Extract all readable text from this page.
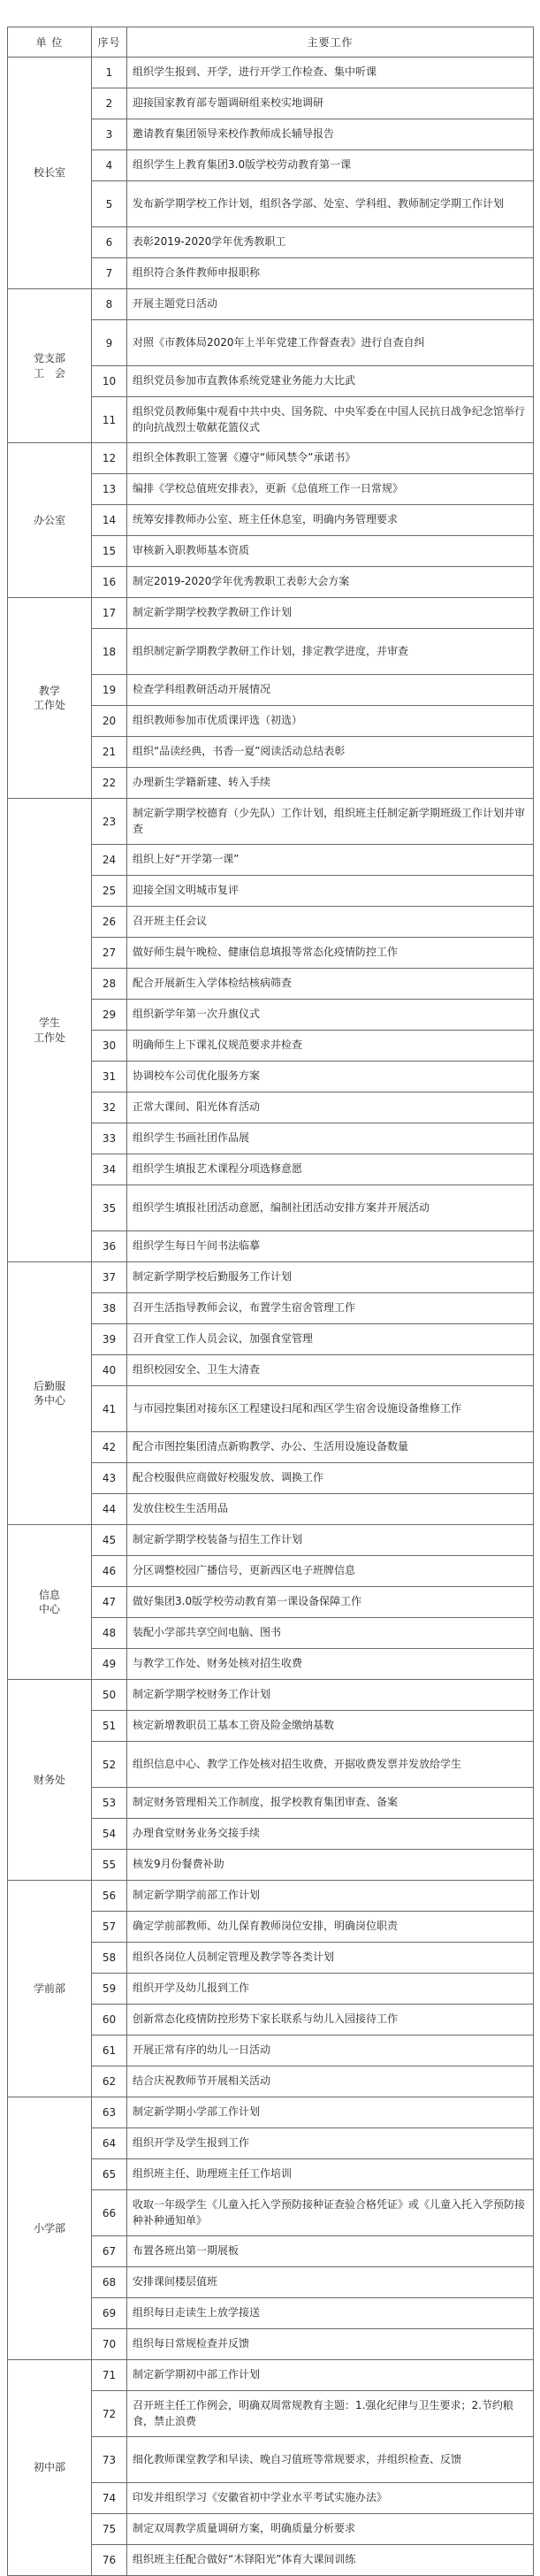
单 位	序号	主要工作

校长室	1	组织学生报到、开学，进行开学工作检查、集中听课
	2	迎接国家教育部专题调研组来校实地调研
	3	邀请教育集团领导来校作教师成长辅导报告
	4	组织学生上教育集团3.0版学校劳动教育第一课
	5	发布新学期学校工作计划，组织各学部、处室、学科组、教师制定学期工作计划
	6	表彰2019-2020学年优秀教职工
	7	组织符合条件教师申报职称

党支部
工　会	8	开展主题党日活动
	9	对照《市教体局2020年上半年党建工作督查表》进行自查自纠
	10	组织党员参加市直教体系统党建业务能力大比武
	11	组织党员教师集中观看中共中央、国务院、中央军委在中国人民抗日战争纪念馆举行的向抗战烈士敬献花篮仪式

办公室	12	组织全体教职工签署《遵守“师风禁令”承诺书》
	13	编排《学校总值班安排表》，更新《总值班工作一日常规》
	14	统筹安排教师办公室、班主任休息室，明确内务管理要求
	15	审核新入职教师基本资质
	16	制定2019-2020学年优秀教职工表彰大会方案

教学
工作处	17	制定新学期学校教学教研工作计划
	18	组织制定新学期教学教研工作计划，排定教学进度，并审查
	19	检查学科组教研活动开展情况
	20	组织教师参加市优质课评选（初选）
	21	组织“品读经典，书香一夏”阅读活动总结表彰
	22	办理新生学籍新建、转入手续

学生
工作处	23	制定新学期学校德育（少先队）工作计划，组织班主任制定新学期班级工作计划并审查
	24	组织上好“开学第一课”
	25	迎接全国文明城市复评
	26	召开班主任会议
	27	做好师生晨午晚检、健康信息填报等常态化疫情防控工作
	28	配合开展新生入学体检结核病筛查
	29	组织新学年第一次升旗仪式
	30	明确师生上下课礼仪规范要求并检查
	31	协调校车公司优化服务方案
	32	正常大课间、阳光体育活动
	33	组织学生书画社团作品展
	34	组织学生填报艺术课程分项选修意愿
	35	组织学生填报社团活动意愿，编制社团活动安排方案并开展活动
	36	组织学生每日午间书法临摹

后勤服
务中心	37	制定新学期学校后勤服务工作计划
	38	召开生活指导教师会议，布置学生宿舍管理工作
	39	召开食堂工作人员会议，加强食堂管理
	40	组织校园安全、卫生大清查
	41	与市园控集团对接东区工程建设扫尾和西区学生宿舍设施设备维修工作
	42	配合市图控集团清点新购教学、办公、生活用设施设备数量
	43	配合校服供应商做好校服发放、调换工作
	44	发放住校生生活用品

信息
中心	45	制定新学期学校装备与招生工作计划
	46	分区调整校园广播信号，更新西区电子班牌信息
	47	做好集团3.0版学校劳动教育第一课设备保障工作
	48	装配小学部共享空间电脑、图书
	49	与教学工作处、财务处核对招生收费

财务处	50	制定新学期学校财务工作计划
	51	核定新增教职员工基本工资及险金缴纳基数
	52	组织信息中心、教学工作处核对招生收费，开据收费发票并发放给学生
	53	制定财务管理相关工作制度，报学校教育集团审查、备案
	54	办理食堂财务业务交接手续
	55	核发9月份餐费补助

学前部	56	制定新学期学前部工作计划
	57	确定学前部教师、幼儿保育教师岗位安排，明确岗位职责
	58	组织各岗位人员制定管理及教学等各类计划
	59	组织开学及幼儿报到工作
	60	创新常态化疫情防控形势下家长联系与幼儿入园接待工作
	61	开展正常有序的幼儿一日活动
	62	结合庆祝教师节开展相关活动

小学部	63	制定新学期小学部工作计划
	64	组织开学及学生报到工作
	65	组织班主任、助理班主任工作培训
	66	收取一年级学生《儿童入托入学预防接种证查验合格凭证》或《儿童入托入学预防接种补种通知单》
	67	布置各班出第一期展板
	68	安排课间楼层值班
	69	组织每日走读生上放学接送
	70	组织每日常规检查并反馈

初中部	71	制定新学期初中部工作计划
	72	召开班主任工作例会，明确双周常规教育主题：1.强化纪律与卫生要求；2.节约粮食，禁止浪费
	73	细化教师课堂教学和早读、晚自习值班等常规要求，并组织检查、反馈
	74	印发并组织学习《安徽省初中学业水平考试实施办法》
	75	制定双周教学质量调研方案，明确质量分析要求
	76	组织班主任配合做好“木铎阳光”体育大课间训练
